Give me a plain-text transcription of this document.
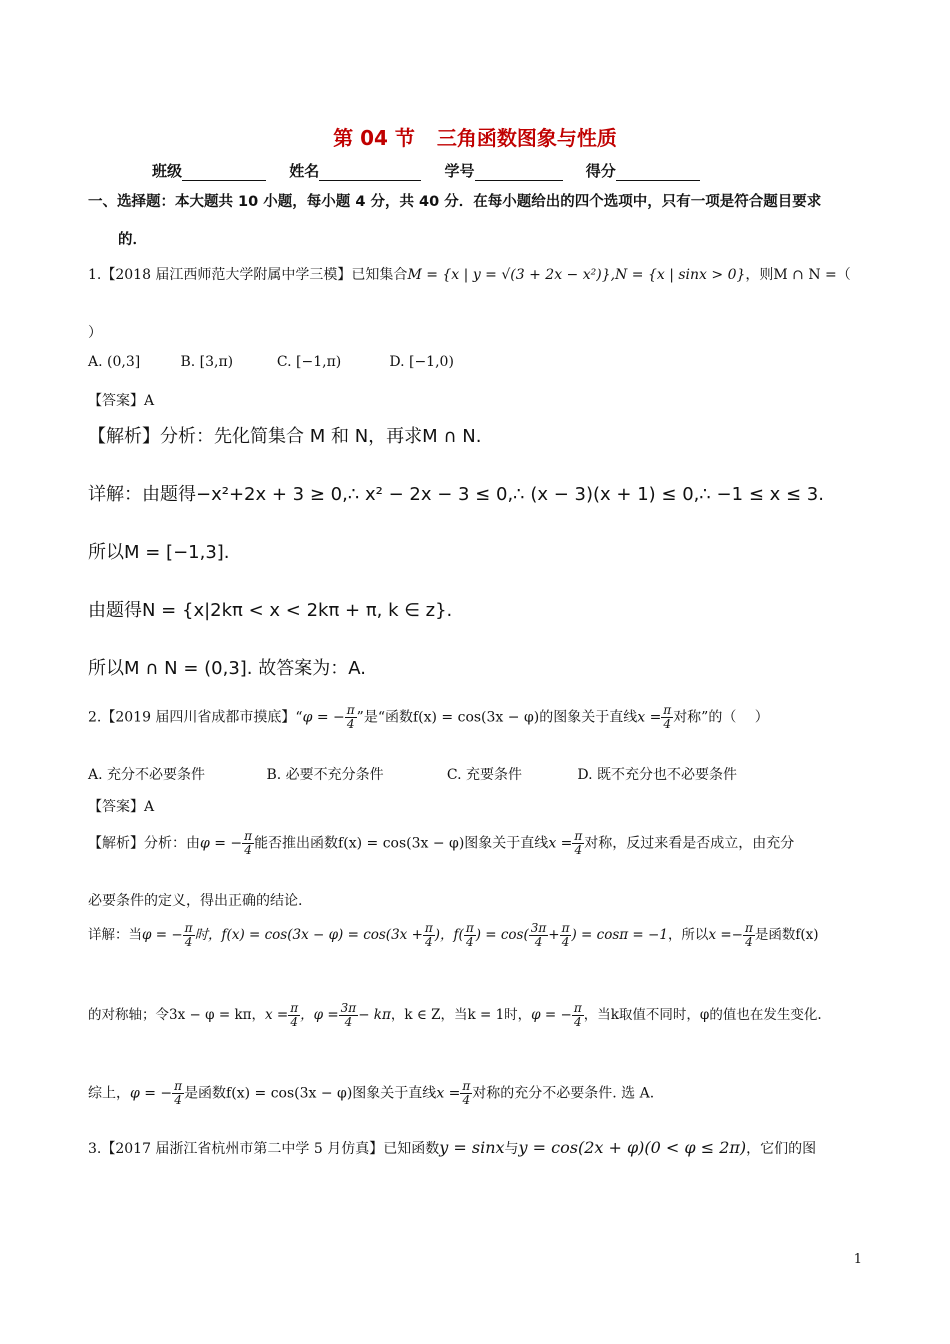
第 04 节 三角函数图象与性质
班级	姓名	学号	得分
一、选择题：本大题共 10 小题，每小题 4 分，共 40 分．在每小题给出的四个选项中，只有一项是符合题目要求
的．
1.【2018 届江西师范大学附属中学三模】已知集合M = {x | y = √(3 + 2x − x²)},N = {x | sinx > 0}，则M ∩ N =（
）
A. (0,3]	B. [3,π)	C. [−1,π)	D. [−1,0)
【答案】A
【解析】分析：先化简集合 M 和 N，再求M ∩ N.
详解：由题得−x²+2x + 3 ≥ 0,∴ x² − 2x − 3 ≤ 0,∴ (x − 3)(x + 1) ≤ 0,∴ −1 ≤ x ≤ 3.
所以M = [−1,3].
由题得N = {x|2kπ < x < 2kπ + π, k ∈ z}.
所以M ∩ N = (0,3]. 故答案为：A.
2.【2019 届四川省成都市摸底】“φ = − $\frac{\pi}{4}$ ”是“函数f(x) = cos(3x − φ)的图象关于直线$x = \frac{\pi}{4}$ 对称”的（　 ）
A. 充分不必要条件	B. 必要不充分条件	C. 充要条件	D. 既不充分也不必要条件
【答案】A
【解析】分析：由φ = − $\frac{\pi}{4}$ 能否推出函数f(x) = cos(3x − φ)图象关于直线$x = \frac{\pi}{4}$ 对称，反过来看是否成立，由充分
必要条件的定义，得出正确的结论.
详解：当φ = − $\frac{\pi}{4}$ 时，$f(x) = \cos(3x - \varphi) = \cos(3x + \frac{\pi}{4}$ )，$f( \frac{\pi}{4}$ ) = $\cos( \frac{3\pi}{4} + \frac{\pi}{4}$ ) = cosπ = −1，所以$x =- \frac{\pi}{4}$ 是函数f(x)
的对称轴；令3x − φ = kπ，$x = \frac{\pi}{4}$ ，$\varphi = \frac{3\pi}{4} - k\pi$，k ∈ Z，当k = 1时，φ = − $\frac{\pi}{4}$ ，当k取值不同时，φ的值也在发生变化.
综上，φ = − $\frac{\pi}{4}$ 是函数f(x) = cos(3x − φ)图象关于直线$x = \frac{\pi}{4}$ 对称的充分不必要条件. 选 A.
3.【2017 届浙江省杭州市第二中学 5 月仿真】已知函数y = sinx与y = cos(2x + φ)(0 < φ ≤ 2π)，它们的图
1
